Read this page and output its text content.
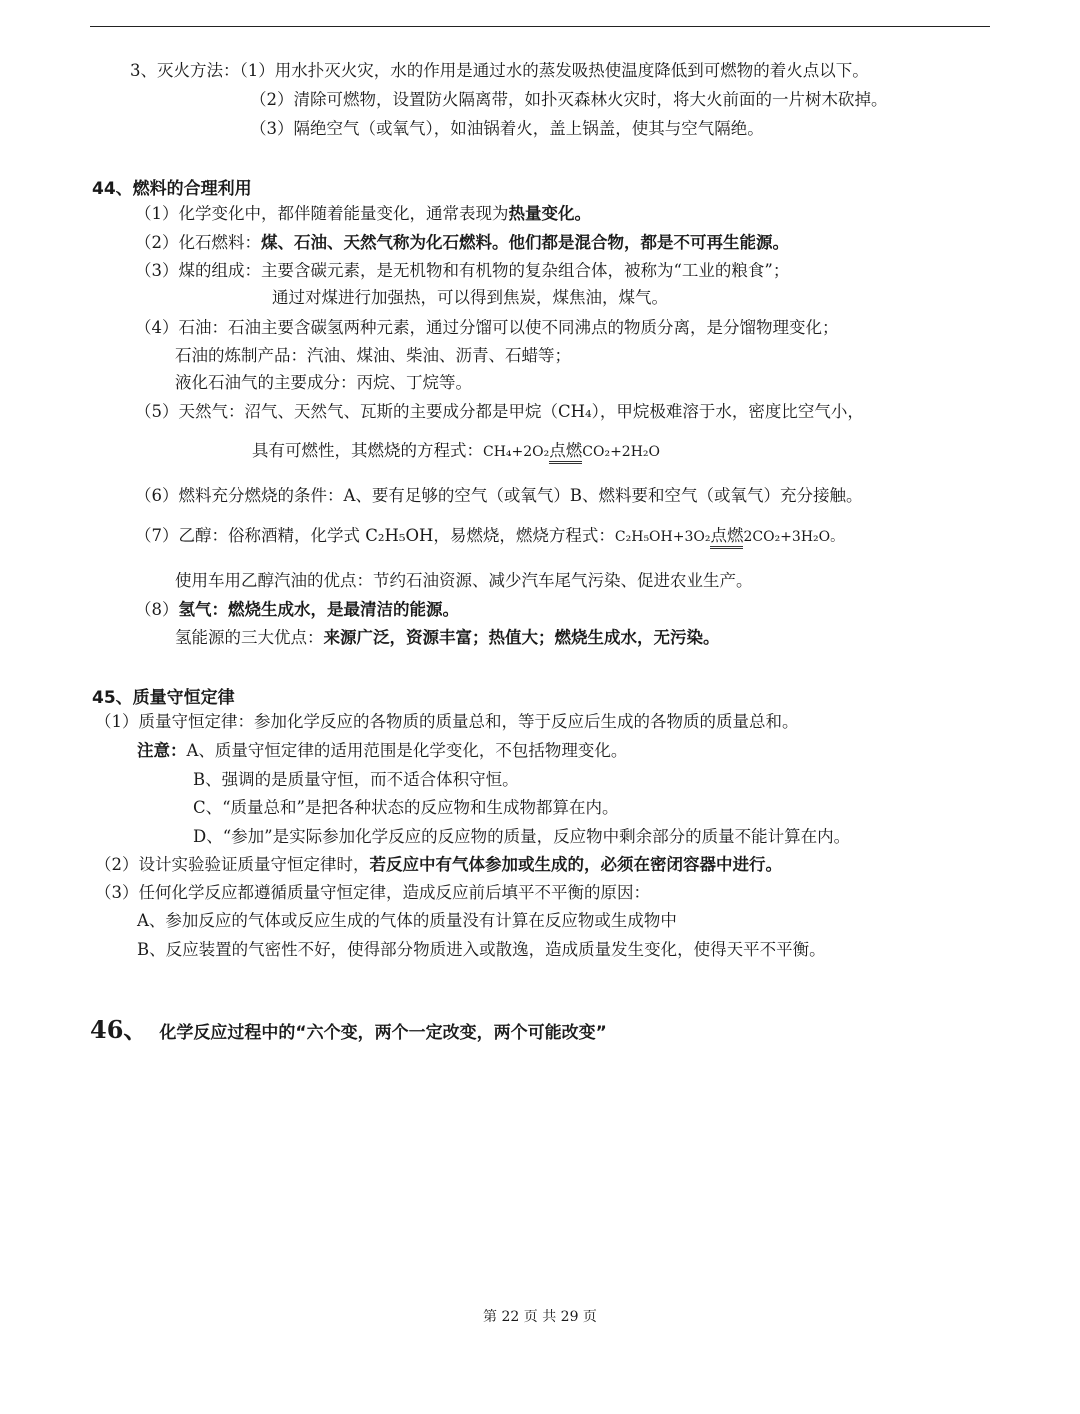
3、灭火方法：（1）用水扑灭火灾，水的作用是通过水的蒸发吸热使温度降低到可燃物的着火点以下。
（2）清除可燃物，设置防火隔离带，如扑灭森林火灾时，将大火前面的一片树木砍掉。
（3）隔绝空气（或氧气），如油锅着火，盖上锅盖，使其与空气隔绝。
44、燃料的合理利用
（1）化学变化中，都伴随着能量变化，通常表现为热量变化。
（2）化石燃料：煤、石油、天然气称为化石燃料。他们都是混合物，都是不可再生能源。
（3）煤的组成：主要含碳元素，是无机物和有机物的复杂组合体，被称为“工业的粮食”；
通过对煤进行加强热，可以得到焦炭，煤焦油，煤气。
（4）石油：石油主要含碳氢两种元素，通过分馏可以使不同沸点的物质分离，是分馏物理变化；
石油的炼制产品：汽油、煤油、柴油、沥青、石蜡等；
液化石油气的主要成分：丙烷、丁烷等。
（5）天然气：沼气、天然气、瓦斯的主要成分都是甲烷（CH₄），甲烷极难溶于水，密度比空气小，
具有可燃性，其燃烧的方程式：CH₄+2O₂点燃CO₂+2H₂O
（6）燃料充分燃烧的条件：A、要有足够的空气（或氧气）B、燃料要和空气（或氧气）充分接触。
（7）乙醇：俗称酒精，化学式 C₂H₅OH，易燃烧，燃烧方程式：C₂H₅OH+3O₂点燃2CO₂+3H₂O。
使用车用乙醇汽油的优点：节约石油资源、减少汽车尾气污染、促进农业生产。
（8）氢气：燃烧生成水，是最清洁的能源。
氢能源的三大优点：来源广泛，资源丰富；热值大；燃烧生成水，无污染。
45、质量守恒定律
（1）质量守恒定律：参加化学反应的各物质的质量总和，等于反应后生成的各物质的质量总和。
注意：A、质量守恒定律的适用范围是化学变化，不包括物理变化。
B、强调的是质量守恒，而不适合体积守恒。
C、“质量总和”是把各种状态的反应物和生成物都算在内。
D、“参加”是实际参加化学反应的反应物的质量，反应物中剩余部分的质量不能计算在内。
（2）设计实验验证质量守恒定律时，若反应中有气体参加或生成的，必须在密闭容器中进行。
（3）任何化学反应都遵循质量守恒定律，造成反应前后填平不平衡的原因：
A、参加反应的气体或反应生成的气体的质量没有计算在反应物或生成物中
B、反应装置的气密性不好，使得部分物质进入或散逸，造成质量发生变化，使得天平不平衡。
46、 化学反应过程中的“六个变，两个一定改变，两个可能改变”
第 22 页 共 29 页
